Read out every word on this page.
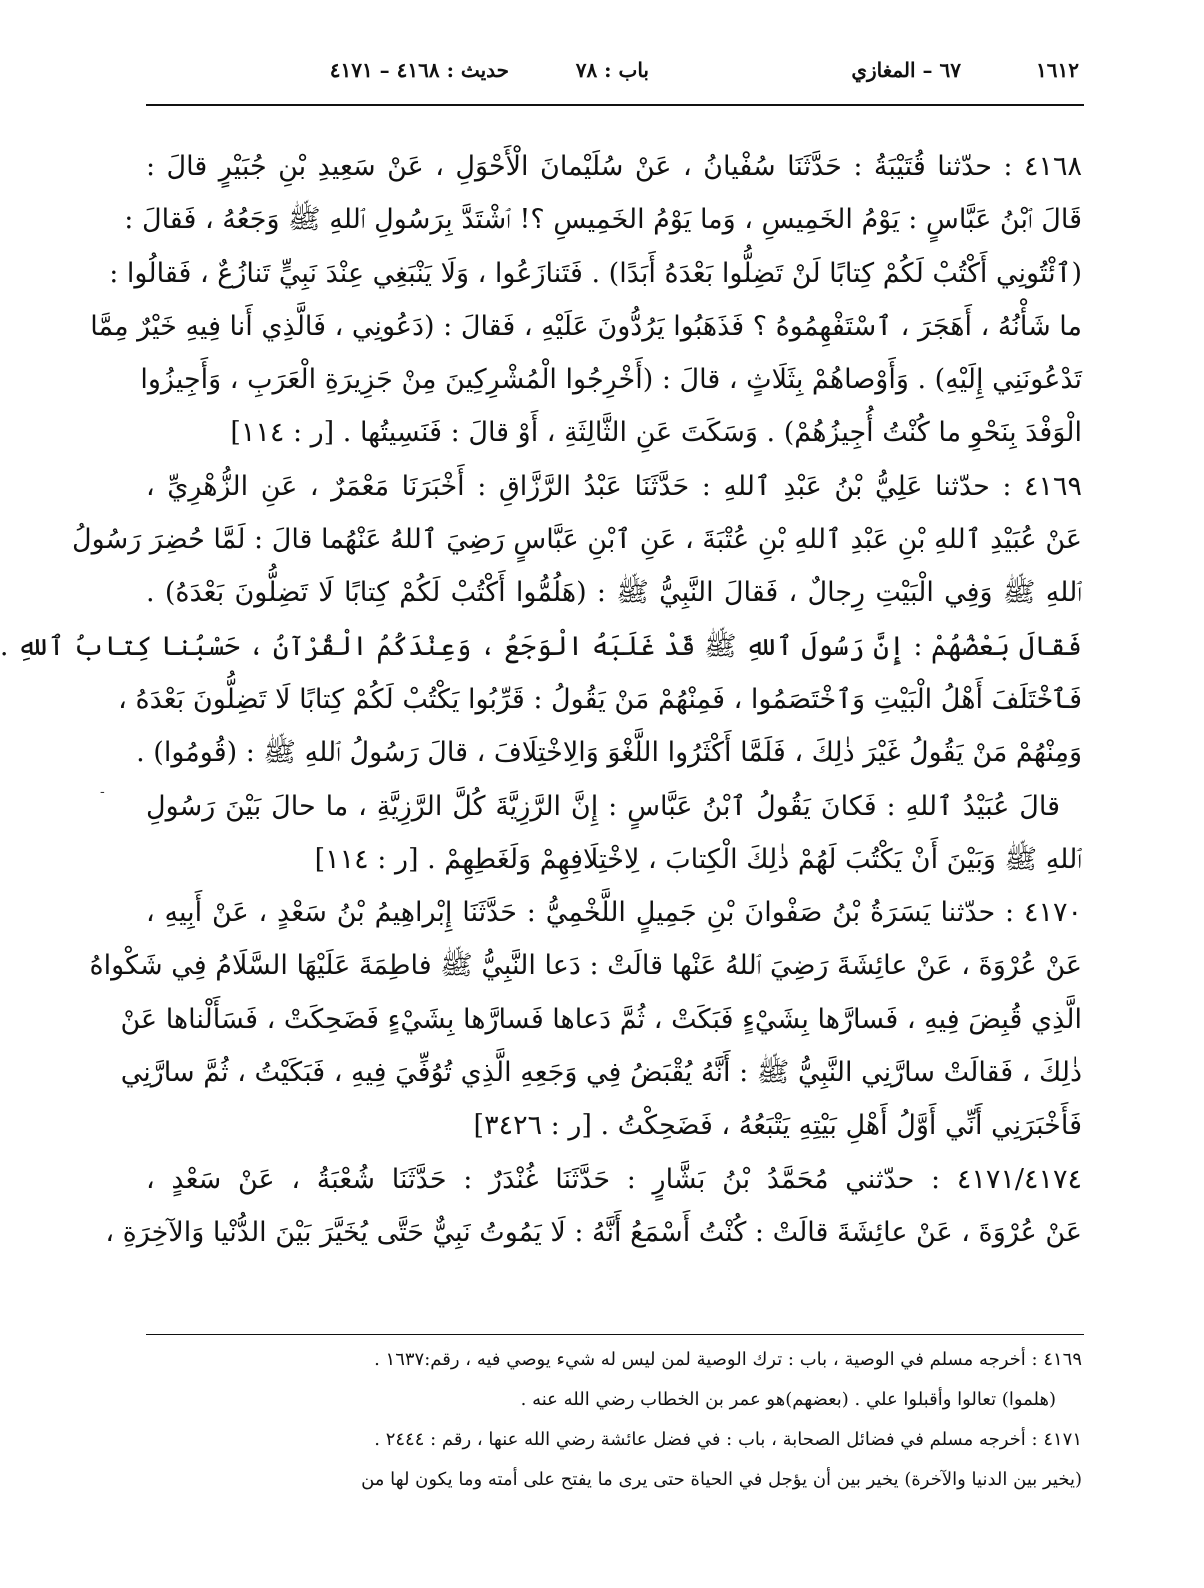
١٦١٢
٦٧ – المغازي
باب : ٧٨
حديث : ٤١٦٨ – ٤١٧١
٤١٦٨ : حدّثنا قُتَيْبَةُ : حَدَّثَنَا سُفْيانُ ، عَنْ سُلَيْمانَ الْأَحْوَلِ ، عَنْ سَعِيدِ بْنِ جُبَيْرٍ قالَ :
قَالَ ٱبْنُ عَبَّاسٍ : يَوْمُ الخَمِيسِ ، وَما يَوْمُ الخَمِيسِ ؟! ٱشْتَدَّ بِرَسُولِ ٱللهِ ﷺ وَجَعُهُ ، فَقالَ :
(ٱئْتُونِي أَكْتُبْ لَكُمْ كِتابًا لَنْ تَضِلُّوا بَعْدَهُ أَبَدًا) . فَتَنازَعُوا ، وَلَا يَنْبَغِي عِنْدَ نَبِيٍّ تَنازُعٌ ، فَقالُوا :
ما شَأْنُهُ ، أَهَجَرَ ، ٱسْتَفْهِمُوهُ ؟ فَذَهَبُوا يَرُدُّونَ عَلَيْهِ ، فَقالَ : (دَعُونِي ، فَالَّذِي أَنا فِيهِ خَيْرٌ مِمَّا
تَدْعُونَنِي إِلَيْهِ) . وَأَوْصاهُمْ بِثَلَاثٍ ، قالَ : (أَخْرِجُوا الْمُشْرِكِينَ مِنْ جَزِيرَةِ الْعَرَبِ ، وَأَجِيزُوا
الْوَفْدَ بِنَحْوِ ما كُنْتُ أُجِيزُهُمْ) . وَسَكَتَ عَنِ الثَّالِثَةِ ، أَوْ قالَ : فَنَسِيتُها . [ر : ١١٤]
٤١٦٩ : حدّثنا عَلِيُّ بْنُ عَبْدِ ٱللهِ : حَدَّثَنَا عَبْدُ الرَّزَّاقِ : أَخْبَرَنَا مَعْمَرٌ ، عَنِ الزُّهْرِيِّ ،
عَنْ عُبَيْدِ ٱللهِ بْنِ عَبْدِ ٱللهِ بْنِ عُتْبَةَ ، عَنِ ٱبْنِ عَبَّاسٍ رَضِيَ ٱللهُ عَنْهُما قالَ : لَمَّا حُضِرَ رَسُولُ
ٱللهِ ﷺ وَفِي الْبَيْتِ رِجالٌ ، فَقالَ النَّبِيُّ ﷺ : (هَلُمُّوا أَكْتُبْ لَكُمْ كِتابًا لَا تَضِلُّونَ بَعْدَهُ) .
فَقالَ بَعْضُهُمْ : إِنَّ رَسُولَ ٱللهِ ﷺ قَدْ غَلَبَهُ الْوَجَعُ ، وَعِنْدَكُمُ الْقُرْآنُ ، حَسْبُنا كِتابُ ٱللهِ .
فَٱخْتَلَفَ أَهْلُ الْبَيْتِ وَٱخْتَصَمُوا ، فَمِنْهُمْ مَنْ يَقُولُ : قَرِّبُوا يَكْتُبْ لَكُمْ كِتابًا لَا تَضِلُّونَ بَعْدَهُ ،
وَمِنْهُمْ مَنْ يَقُولُ غَيْرَ ذٰلِكَ ، فَلَمَّا أَكْثَرُوا اللَّغْوَ وَالِاخْتِلَافَ ، قالَ رَسُولُ ٱللهِ ﷺ : (قُومُوا) .
قالَ عُبَيْدُ ٱللهِ : فَكانَ يَقُولُ ٱبْنُ عَبَّاسٍ : إِنَّ الرَّزِيَّةَ كُلَّ الرَّزِيَّةِ ، ما حالَ بَيْنَ رَسُولِ
ٱللهِ ﷺ وَبَيْنَ أَنْ يَكْتُبَ لَهُمْ ذٰلِكَ الْكِتابَ ، لِاخْتِلَافِهِمْ وَلَغَطِهِمْ . [ر : ١١٤]
٤١٧٠ : حدّثنا يَسَرَةُ بْنُ صَفْوانَ بْنِ جَمِيلٍ اللَّخْمِيُّ : حَدَّثَنَا إِبْراهِيمُ بْنُ سَعْدٍ ، عَنْ أَبِيهِ ،
عَنْ عُرْوَةَ ، عَنْ عائِشَةَ رَضِيَ ٱللهُ عَنْها قالَتْ : دَعا النَّبِيُّ ﷺ فاطِمَةَ عَلَيْهَا السَّلَامُ فِي شَكْواهُ
الَّذِي قُبِضَ فِيهِ ، فَسارَّها بِشَيْءٍ فَبَكَتْ ، ثُمَّ دَعاها فَسارَّها بِشَيْءٍ فَضَحِكَتْ ، فَسَأَلْناها عَنْ
ذٰلِكَ ، فَقالَتْ سارَّنِي النَّبِيُّ ﷺ : أَنَّهُ يُقْبَضُ فِي وَجَعِهِ الَّذِي تُوُفِّيَ فِيهِ ، فَبَكَيْتُ ، ثُمَّ سارَّنِي
فَأَخْبَرَنِي أَنِّي أَوَّلُ أَهْلِ بَيْتِهِ يَتْبَعُهُ ، فَضَحِكْتُ . [ر : ٣٤٢٦]
٤١٧١/٤١٧٤ : حدّثني مُحَمَّدُ بْنُ بَشَّارٍ : حَدَّثَنَا غُنْدَرٌ : حَدَّثَنَا شُعْبَةُ ، عَنْ سَعْدٍ ،
عَنْ عُرْوَةَ ، عَنْ عائِشَةَ قالَتْ : كُنْتُ أَسْمَعُ أَنَّهُ : لَا يَمُوتُ نَبِيٌّ حَتَّى يُخَيَّرَ بَيْنَ الدُّنْيا وَالآخِرَةِ ،
٤١٦٩ : أخرجه مسلم في الوصية ، باب : ترك الوصية لمن ليس له شيء يوصي فيه ، رقم:١٦٣٧ .
(هلموا) تعالوا وأقبلوا علي . (بعضهم)هو عمر بن الخطاب رضي الله عنه .
٤١٧١ : أخرجه مسلم في فضائل الصحابة ، باب : في فضل عائشة رضي الله عنها ، رقم : ٢٤٤٤ .
(يخير بين الدنيا والآخرة) يخير بين أن يؤجل في الحياة حتى يرى ما يفتح على أمته وما يكون لها من
-
